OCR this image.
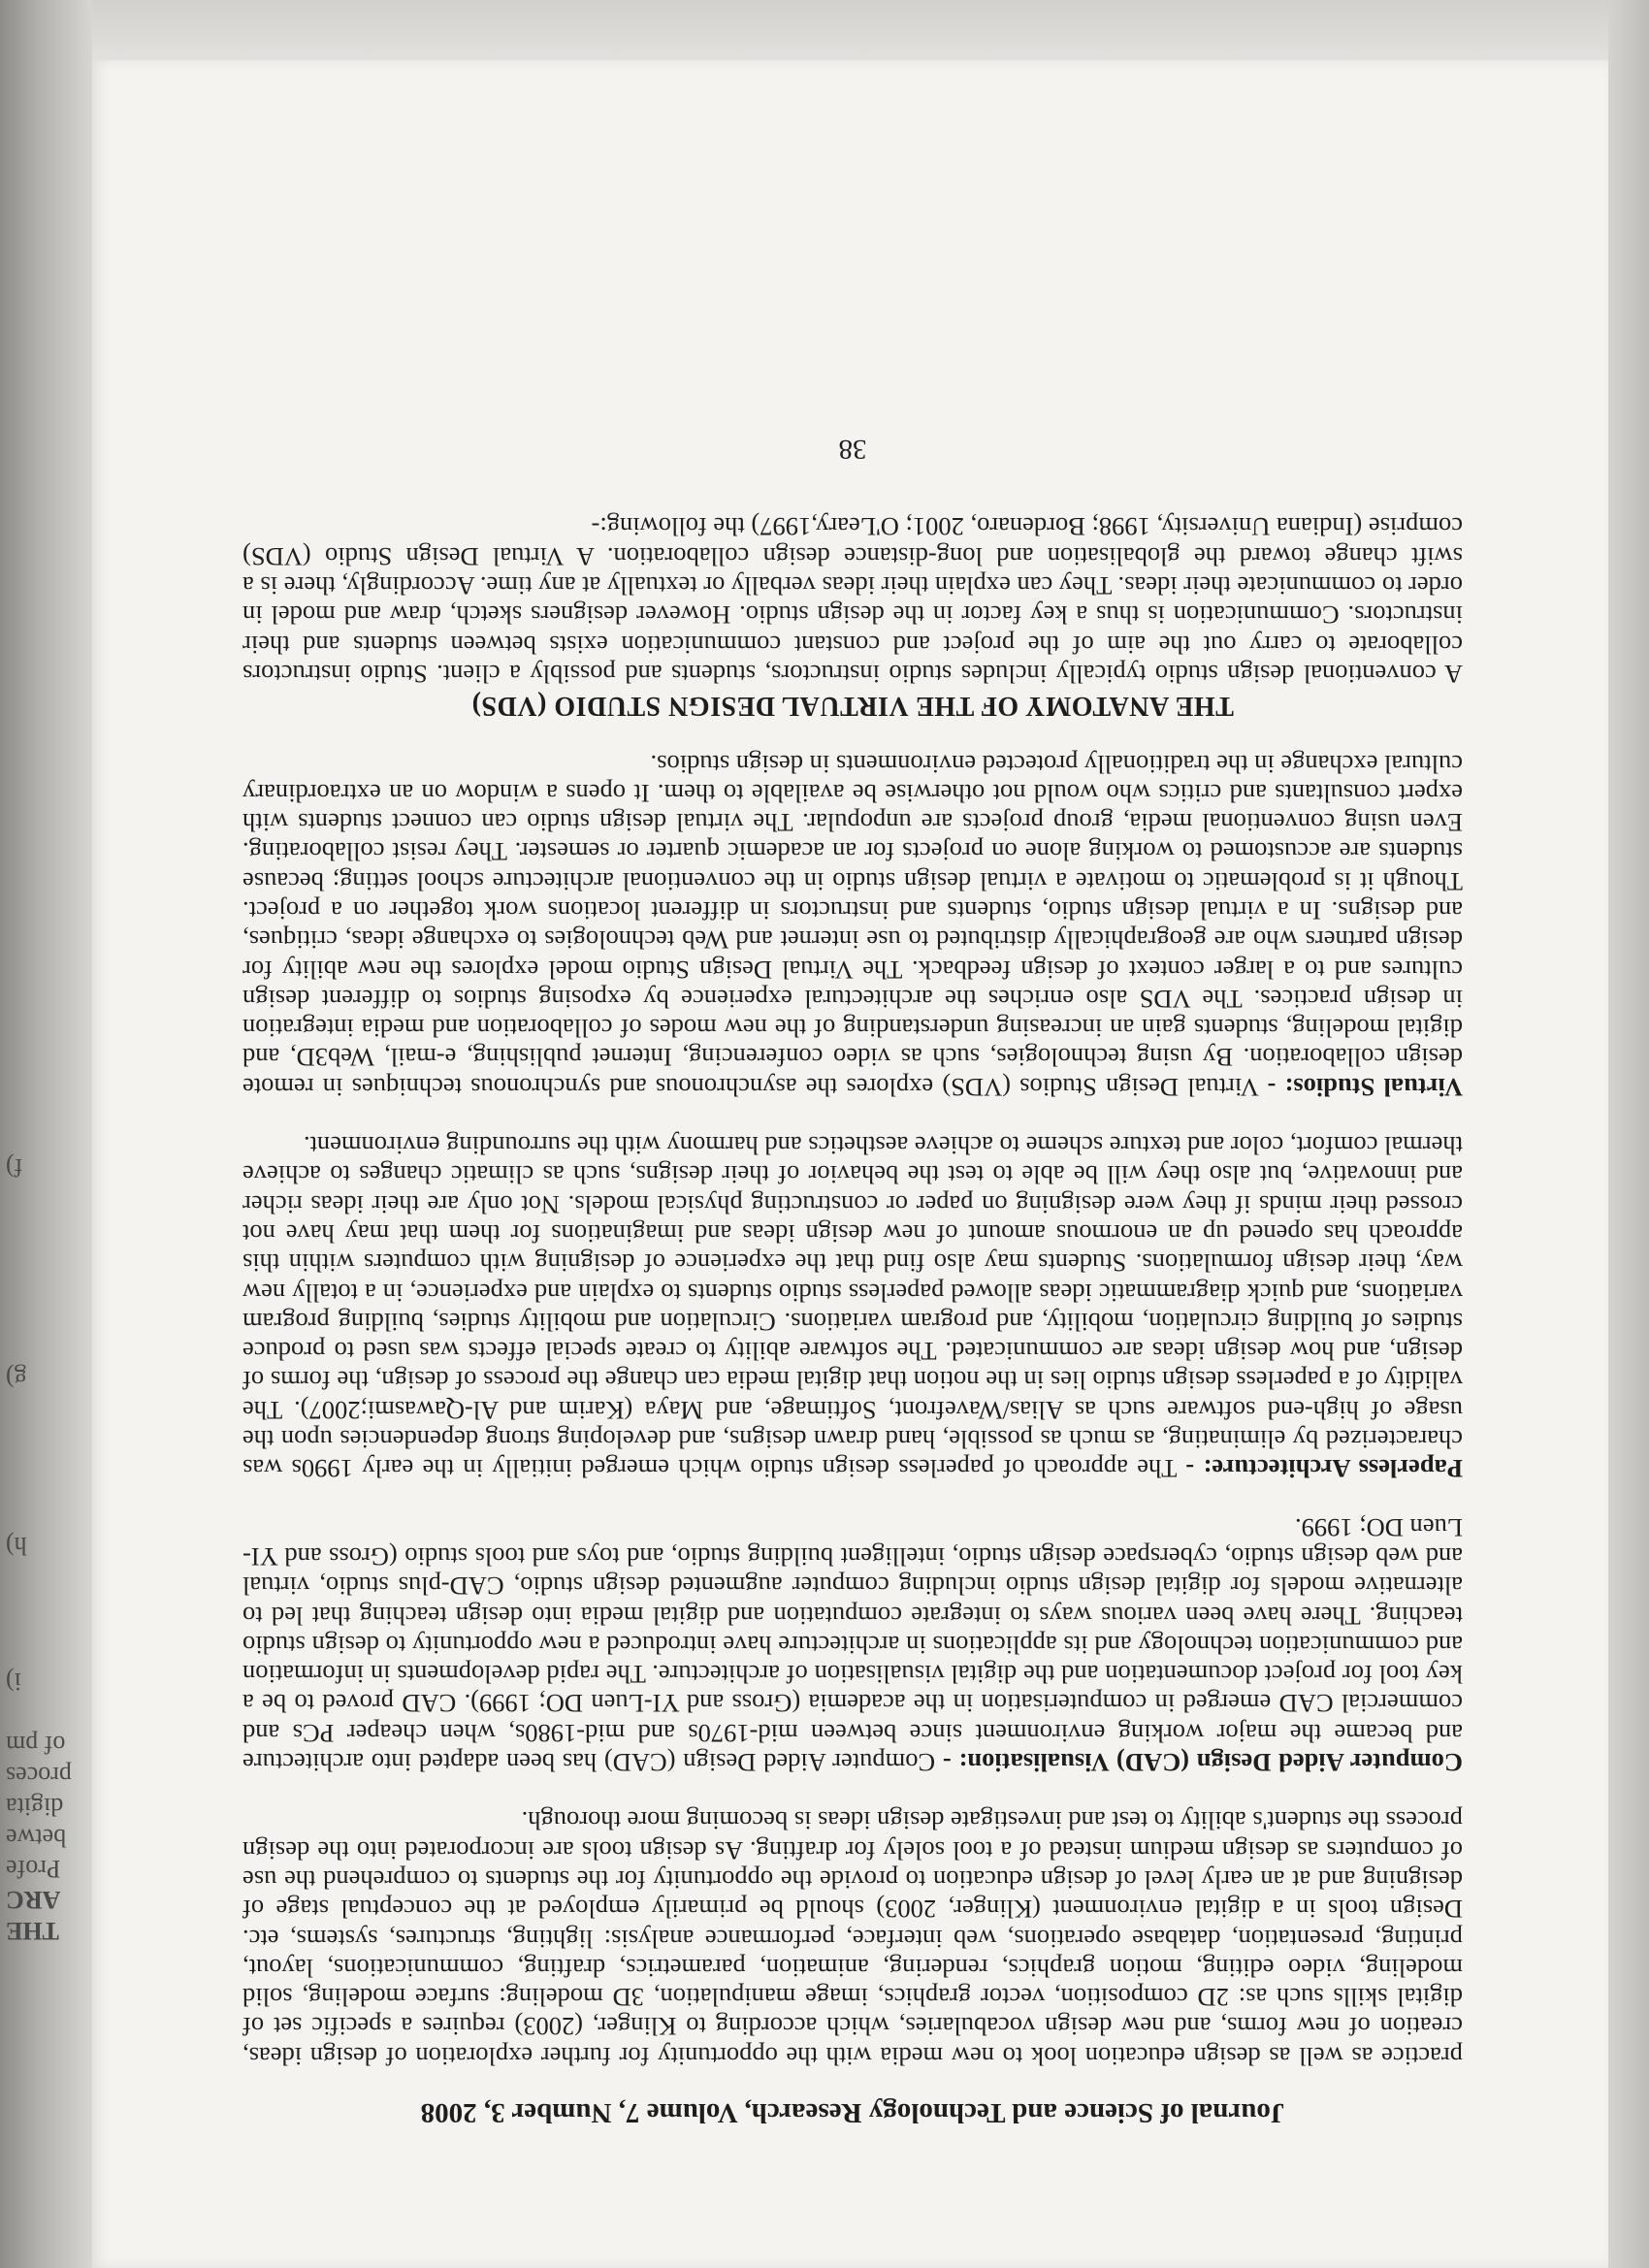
THE
ARC
Profe
betwe
digita
proces
of pm
i)
h)
g)
f)
Journal of Science and Technology Research, Volume 7, Number 3, 2008

practice as well as design education look to new media with the opportunity for further exploration of design ideas, creation of new forms, and new design vocabularies, which according to Klinger, (2003) requires a specific set of digital skills such as: 2D composition, vector graphics, image manipulation, 3D modeling: surface modeling, solid modeling, video editing, motion graphics, rendering, animation, parametrics, drafting, communications, layout, printing, presentation, database operations, web interface, performance analysis: lighting, structures, systems, etc. Design tools in a digital environment (Klinger, 2003) should be primarily employed at the conceptual stage of designing and at an early level of design education to provide the opportunity for the students to comprehend the use of computers as design medium instead of a tool solely for drafting. As design tools are incorporated into the design process the student's ability to test and investigate design ideas is becoming more thorough.

Computer Aided Design (CAD) Visualisation: - Computer Aided Design (CAD) has been adapted into architecture and became the major working environment since between mid-1970s and mid-1980s, when cheaper PCs and commercial CAD emerged in computerisation in the academia (Gross and YI-Luen DO; 1999). CAD proved to be a key tool for project documentation and the digital visualisation of architecture. The rapid developments in information and communication technology and its applications in architecture have introduced a new opportunity to design studio teaching. There have been various ways to integrate computation and digital media into design teaching that led to alternative models for digital design studio including computer augmented design studio, CAD-plus studio, virtual and web design studio, cyberspace design studio, intelligent building studio, and toys and tools studio (Gross and YI-Luen DO; 1999.

Paperless Architecture: - The approach of paperless design studio which emerged initially in the early 1990s was characterized by eliminating, as much as possible, hand drawn designs, and developing strong dependencies upon the usage of high-end software such as Alias/Wavefront, Softimage, and Maya (Karim and Al-Qawasmi;2007). The validity of a paperless design studio lies in the notion that digital media can change the process of design, the forms of design, and how design ideas are communicated. The software ability to create special effects was used to produce studies of building circulation, mobility, and program variations. Circulation and mobility studies, building program variations, and quick diagrammatic ideas allowed paperless studio students to explain and experience, in a totally new way, their design formulations. Students may also find that the experience of designing with computers within this approach has opened up an enormous amount of new design ideas and imaginations for them that may have not crossed their minds if they were designing on paper or constructing physical models. Not only are their ideas richer and innovative, but also they will be able to test the behavior of their designs, such as climatic changes to achieve thermal comfort, color and texture scheme to achieve aesthetics and harmony with the surrounding environment.

Virtual Studios: - Virtual Design Studios (VDS) explores the asynchronous and synchronous techniques in remote design collaboration. By using technologies, such as video conferencing, Internet publishing, e-mail, Web3D, and digital modeling, students gain an increasing understanding of the new modes of collaboration and media integration in design practices. The VDS also enriches the architectural experience by exposing studios to different design cultures and to a larger context of design feedback. The Virtual Design Studio model explores the new ability for design partners who are geographically distributed to use internet and Web technologies to exchange ideas, critiques, and designs. In a virtual design studio, students and instructors in different locations work together on a project. Though it is problematic to motivate a virtual design studio in the conventional architecture school setting; because students are accustomed to working alone on projects for an academic quarter or semester. They resist collaborating. Even using conventional media, group projects are unpopular. The virtual design studio can connect students with expert consultants and critics who would not otherwise be available to them. It opens a window on an extraordinary cultural exchange in the traditionally protected environments in design studios.

THE ANATOMY OF THE VIRTUAL DESIGN STUDIO (VDS)

A conventional design studio typically includes studio instructors, students and possibly a client. Studio instructors collaborate to carry out the aim of the project and constant communication exists between students and their instructors. Communication is thus a key factor in the design studio. However designers sketch, draw and model in order to communicate their ideas. They can explain their ideas verbally or textually at any time. Accordingly, there is a swift change toward the globalisation and long-distance design collaboration. A Virtual Design Studio (VDS) comprise (Indiana University, 1998; Bordenaro, 2001; O'Leary,1997) the following:-

38
